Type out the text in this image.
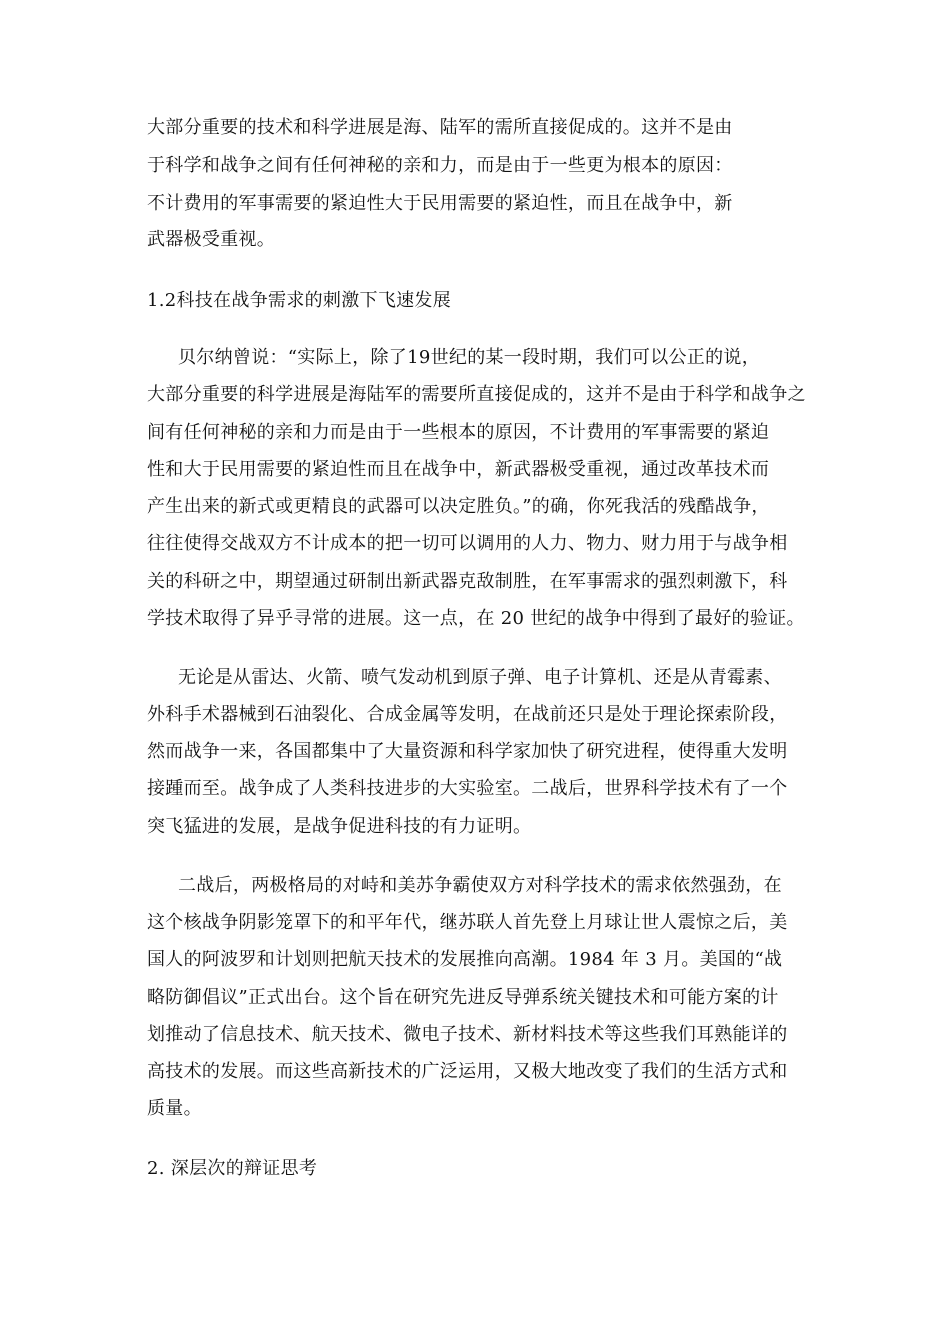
大部分重要的技术和科学进展是海、陆军的需所直接促成的。这并不是由
于科学和战争之间有任何神秘的亲和力，而是由于一些更为根本的原因：
不计费用的军事需要的紧迫性大于民用需要的紧迫性，而且在战争中，新
武器极受重视。
1.2科技在战争需求的刺激下飞速发展
贝尔纳曾说：“实际上，除了19世纪的某一段时期，我们可以公正的说，
大部分重要的科学进展是海陆军的需要所直接促成的，这并不是由于科学和战争之
间有任何神秘的亲和力而是由于一些根本的原因，不计费用的军事需要的紧迫
性和大于民用需要的紧迫性而且在战争中，新武器极受重视，通过改革技术而
产生出来的新式或更精良的武器可以决定胜负。”的确，你死我活的残酷战争，
往往使得交战双方不计成本的把一切可以调用的人力、物力、财力用于与战争相
关的科研之中，期望通过研制出新武器克敌制胜，在军事需求的强烈刺激下，科
学技术取得了异乎寻常的进展。这一点，在 20 世纪的战争中得到了最好的验证。
无论是从雷达、火箭、喷气发动机到原子弹、电子计算机、还是从青霉素、
外科手术器械到石油裂化、合成金属等发明，在战前还只是处于理论探索阶段，
然而战争一来，各国都集中了大量资源和科学家加快了研究进程，使得重大发明
接踵而至。战争成了人类科技进步的大实验室。二战后，世界科学技术有了一个
突飞猛进的发展，是战争促进科技的有力证明。
二战后，两极格局的对峙和美苏争霸使双方对科学技术的需求依然强劲，在
这个核战争阴影笼罩下的和平年代，继苏联人首先登上月球让世人震惊之后，美
国人的阿波罗和计划则把航天技术的发展推向高潮。1984 年 3 月。美国的“战
略防御倡议”正式出台。这个旨在研究先进反导弹系统关键技术和可能方案的计
划推动了信息技术、航天技术、微电子技术、新材料技术等这些我们耳熟能详的
高技术的发展。而这些高新技术的广泛运用，又极大地改变了我们的生活方式和
质量。
2. 深层次的辩证思考
